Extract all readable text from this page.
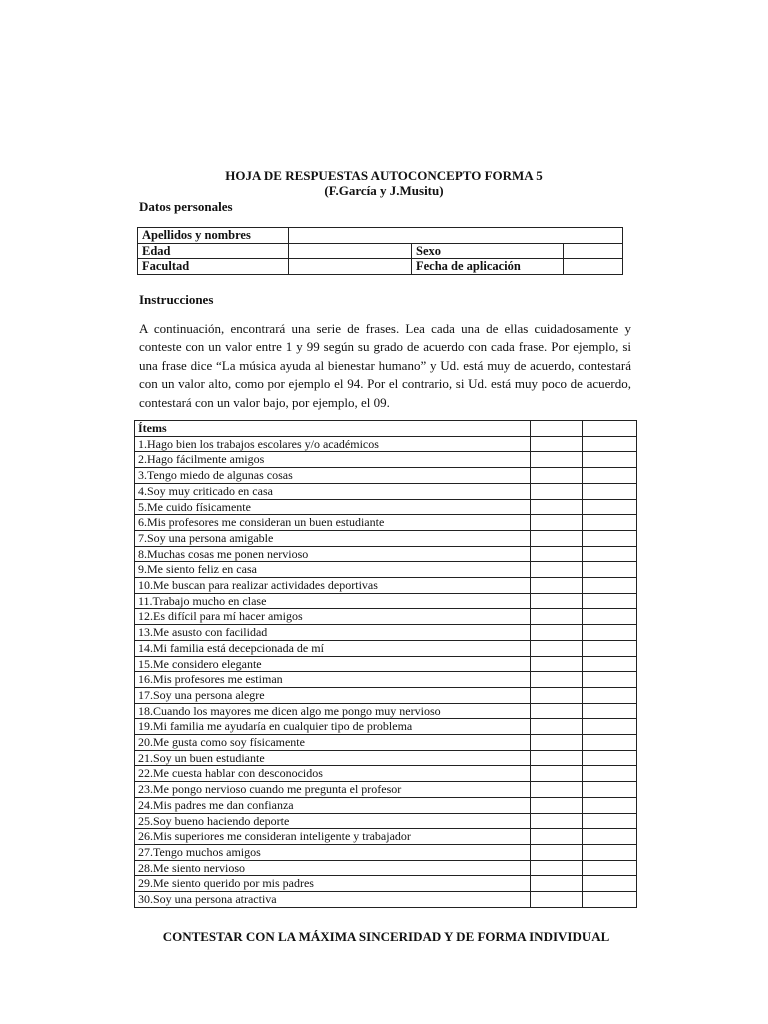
HOJA DE RESPUESTAS AUTOCONCEPTO FORMA 5
(F.García y J.Musitu)
Datos personales
Apellidos y nombres			
Edad		Sexo	
Facultad		Fecha de aplicación	
Instrucciones
A continuación, encontrará una serie de frases. Lea cada una de ellas cuidadosamente y conteste con un valor entre 1 y 99 según su grado de acuerdo con cada frase. Por ejemplo, si una frase dice “La música ayuda al bienestar humano” y Ud. está muy de acuerdo, contestará con un valor alto, como por ejemplo el 94. Por el contrario, si Ud. está muy poco de acuerdo, contestará con un valor bajo, por ejemplo, el 09.
Ítems		
1.Hago bien los trabajos escolares y/o académicos		
2.Hago fácilmente amigos		
3.Tengo miedo de algunas cosas		
4.Soy muy criticado en casa		
5.Me cuido físicamente		
6.Mis profesores me consideran un buen estudiante		
7.Soy una persona amigable		
8.Muchas cosas me ponen nervioso		
9.Me siento feliz en casa		
10.Me buscan para realizar actividades deportivas		
11.Trabajo mucho en clase		
12.Es difícil para mí hacer amigos		
13.Me asusto con facilidad		
14.Mi familia está decepcionada de mí		
15.Me considero elegante		
16.Mis profesores me estiman		
17.Soy una persona alegre		
18.Cuando los mayores me dicen algo me pongo muy nervioso		
19.Mi familia me ayudaría en cualquier tipo de problema		
20.Me gusta como soy físicamente		
21.Soy un buen estudiante		
22.Me cuesta hablar con desconocidos		
23.Me pongo nervioso cuando me pregunta el profesor		
24.Mis padres me dan confianza		
25.Soy bueno haciendo deporte		
26.Mis superiores me consideran inteligente y trabajador		
27.Tengo muchos amigos		
28.Me siento nervioso		
29.Me siento querido por mis padres		
30.Soy una persona atractiva		
CONTESTAR CON LA MÁXIMA SINCERIDAD Y DE FORMA INDIVIDUAL
